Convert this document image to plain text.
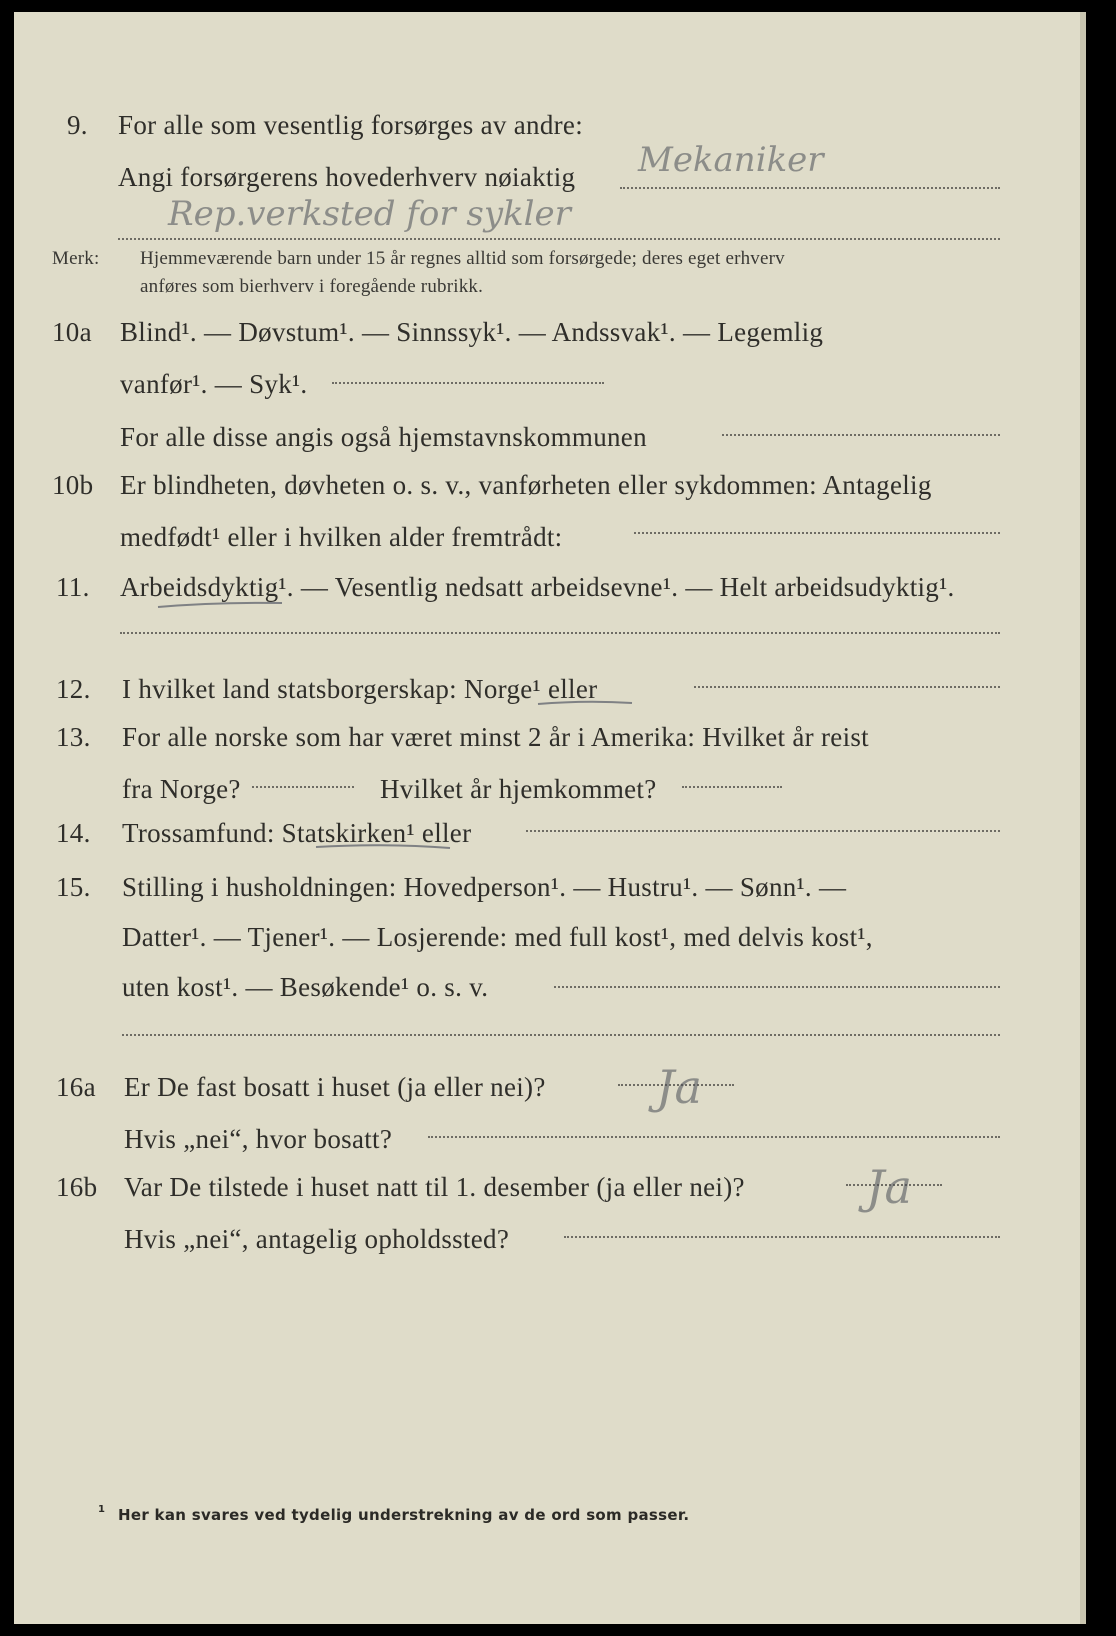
9. For alle som vesentlig forsørges av andre:
Angi forsørgerens hovederhverv nøiaktig Mekaniker
Rep.verksted for sykler
Merk: Hjemmeværende barn under 15 år regnes alltid som forsørgede; deres eget erhverv
anføres som bierhverv i foregående rubrikk.
10a Blind¹. — Døvstum¹. — Sinnssyk¹. — Andssvak¹. — Legemlig
vanfør¹. — Syk¹.
For alle disse angis også hjemstavnskommunen
10b Er blindheten, døvheten o. s. v., vanførheten eller sykdommen: Antagelig
medfødt¹ eller i hvilken alder fremtrådt:
11. Arbeidsdyktig¹. — Vesentlig nedsatt arbeidsevne¹. — Helt arbeidsudyktig¹.
12. I hvilket land statsborgerskap: Norge¹ eller
13. For alle norske som har været minst 2 år i Amerika: Hvilket år reist
fra Norge?	Hvilket år hjemkommet?
14. Trossamfund: Statskirken¹ eller
15. Stilling i husholdningen: Hovedperson¹. — Hustru¹. — Sønn¹. —
Datter¹. — Tjener¹. — Losjerende: med full kost¹, med delvis kost¹,
uten kost¹. — Besøkende¹ o. s. v.
16a Er De fast bosatt i huset (ja eller nei)? Ja
Hvis „nei“, hvor bosatt?
16b Var De tilstede i huset natt til 1. desember (ja eller nei)?	Ja
Hvis „nei“, antagelig opholdssted?
1 Her kan svares ved tydelig understrekning av de ord som passer.
